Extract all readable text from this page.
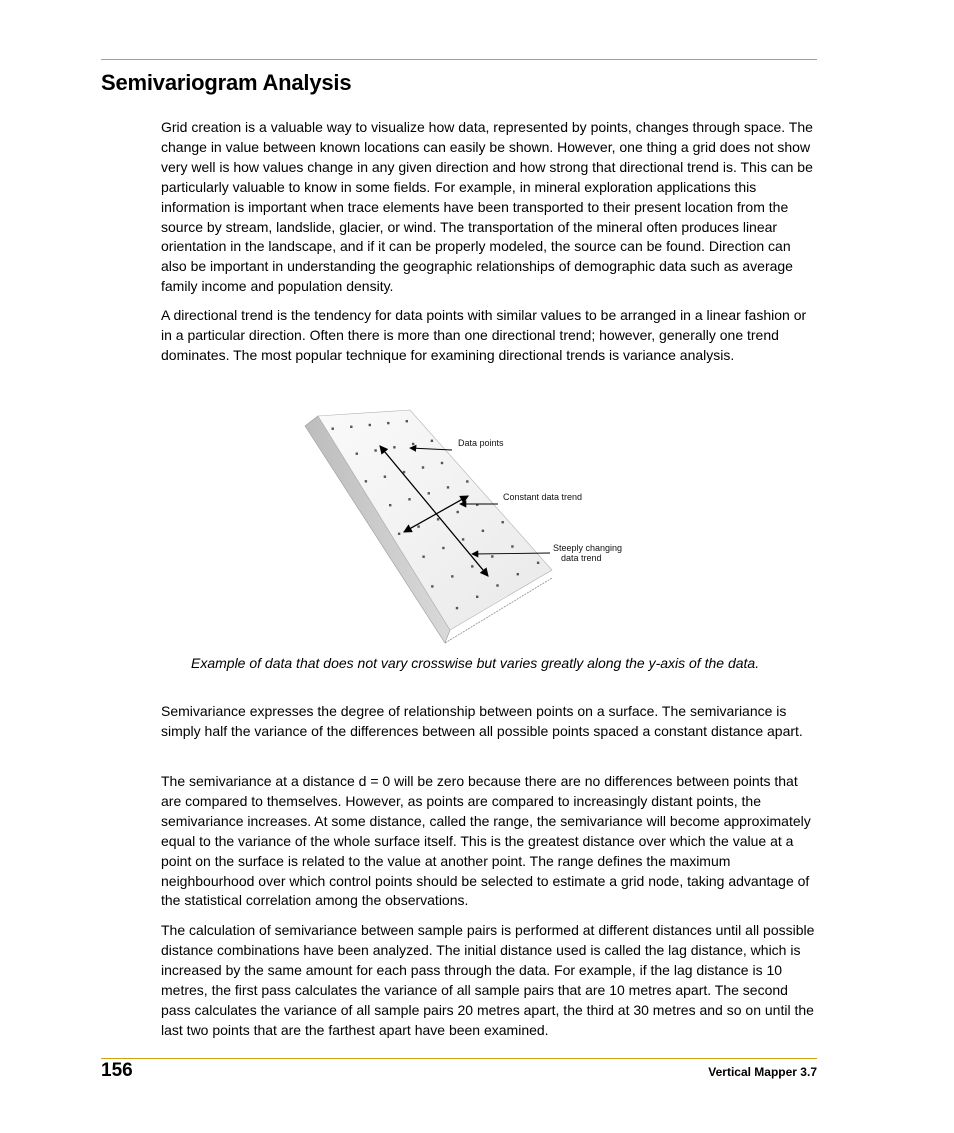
Semivariogram Analysis

Grid creation is a valuable way to visualize how data, represented by points, changes through space. The change in value between known locations can easily be shown. However, one thing a grid does not show very well is how values change in any given direction and how strong that directional trend is. This can be particularly valuable to know in some fields. For example, in mineral exploration applications this information is important when trace elements have been transported to their present location from the source by stream, landslide, glacier, or wind. The transportation of the mineral often produces linear orientation in the landscape, and if it can be properly modeled, the source can be found. Direction can also be important in understanding the geographic relationships of demographic data such as average family income and population density.

A directional trend is the tendency for data points with similar values to be arranged in a linear fashion or in a particular direction. Often there is more than one directional trend; however, generally one trend dominates. The most popular technique for examining directional trends is variance analysis.

Data points
Constant data trend
Steeply changing
data trend

Example of data that does not vary crosswise but varies greatly along the y-axis of the data.

Semivariance expresses the degree of relationship between points on a surface. The semivariance is simply half the variance of the differences between all possible points spaced a constant distance apart.

The semivariance at a distance d = 0 will be zero because there are no differences between points that are compared to themselves. However, as points are compared to increasingly distant points, the semivariance increases. At some distance, called the range, the semivariance will become approximately equal to the variance of the whole surface itself. This is the greatest distance over which the value at a point on the surface is related to the value at another point. The range defines the maximum neighbourhood over which control points should be selected to estimate a grid node, taking advantage of the statistical correlation among the observations.

The calculation of semivariance between sample pairs is performed at different distances until all possible distance combinations have been analyzed. The initial distance used is called the lag distance, which is increased by the same amount for each pass through the data. For example, if the lag distance is 10 metres, the first pass calculates the variance of all sample pairs that are 10 metres apart. The second pass calculates the variance of all sample pairs 20 metres apart, the third at 30 metres and so on until the last two points that are the farthest apart have been examined.

156	Vertical Mapper 3.7
